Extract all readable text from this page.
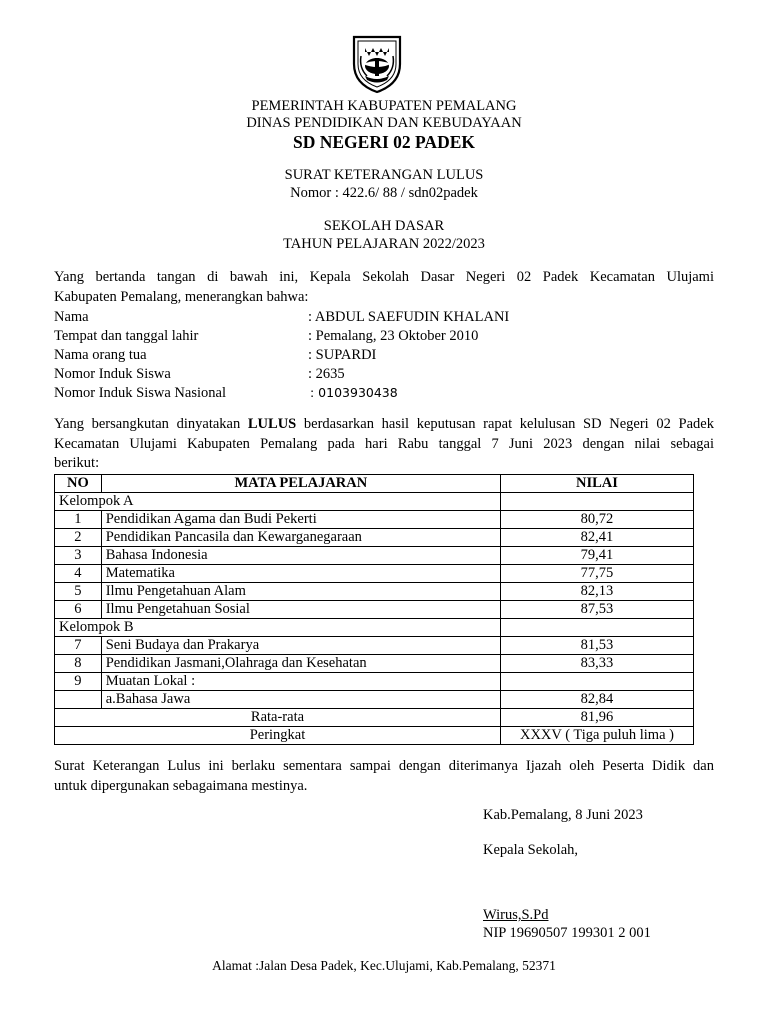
PEMERINTAH KABUPATEN PEMALANG
DINAS PENDIDIKAN DAN KEBUDAYAAN
SD NEGERI 02 PADEK
SURAT KETERANGAN LULUS
Nomor : 422.6/ 88 / sdn02padek
SEKOLAH DASAR
TAHUN PELAJARAN 2022/2023
Yang bertanda tangan di bawah ini, Kepala Sekolah Dasar Negeri 02 Padek Kecamatan Ulujami
Kabupaten Pemalang, menerangkan bahwa:
Nama	: ABDUL SAEFUDIN KHALANI
Tempat dan tanggal lahir	: Pemalang, 23 Oktober 2010
Nama orang tua	: SUPARDI
Nomor Induk Siswa	: 2635
Nomor Induk Siswa Nasional	: 0103930438
Yang bersangkutan dinyatakan LULUS berdasarkan hasil keputusan rapat kelulusan SD Negeri 02 Padek
Kecamatan Ulujami Kabupaten Pemalang pada hari Rabu tanggal 7 Juni 2023 dengan nilai sebagai
berikut:
NO	MATA PELAJARAN	NILAI
Kelompok A		
1	Pendidikan Agama dan Budi Pekerti	80,72
2	Pendidikan Pancasila dan Kewarganegaraan	82,41
3	Bahasa Indonesia	79,41
4	Matematika	77,75
5	Ilmu Pengetahuan Alam	82,13
6	Ilmu Pengetahuan Sosial	87,53
Kelompok B		
7	Seni Budaya dan Prakarya	81,53
8	Pendidikan Jasmani,Olahraga dan Kesehatan	83,33
9	Muatan Lokal :	
	a.Bahasa Jawa	82,84
Rata-rata		81,96
Peringkat		XXXV ( Tiga puluh lima )
Surat Keterangan Lulus ini berlaku sementara sampai dengan diterimanya Ijazah oleh Peserta Didik dan
untuk dipergunakan sebagaimana mestinya.
Kab.Pemalang, 8 Juni 2023
Kepala Sekolah,
Wirus,S.Pd
NIP 19690507 199301 2 001
Alamat :Jalan Desa Padek, Kec.Ulujami, Kab.Pemalang, 52371
